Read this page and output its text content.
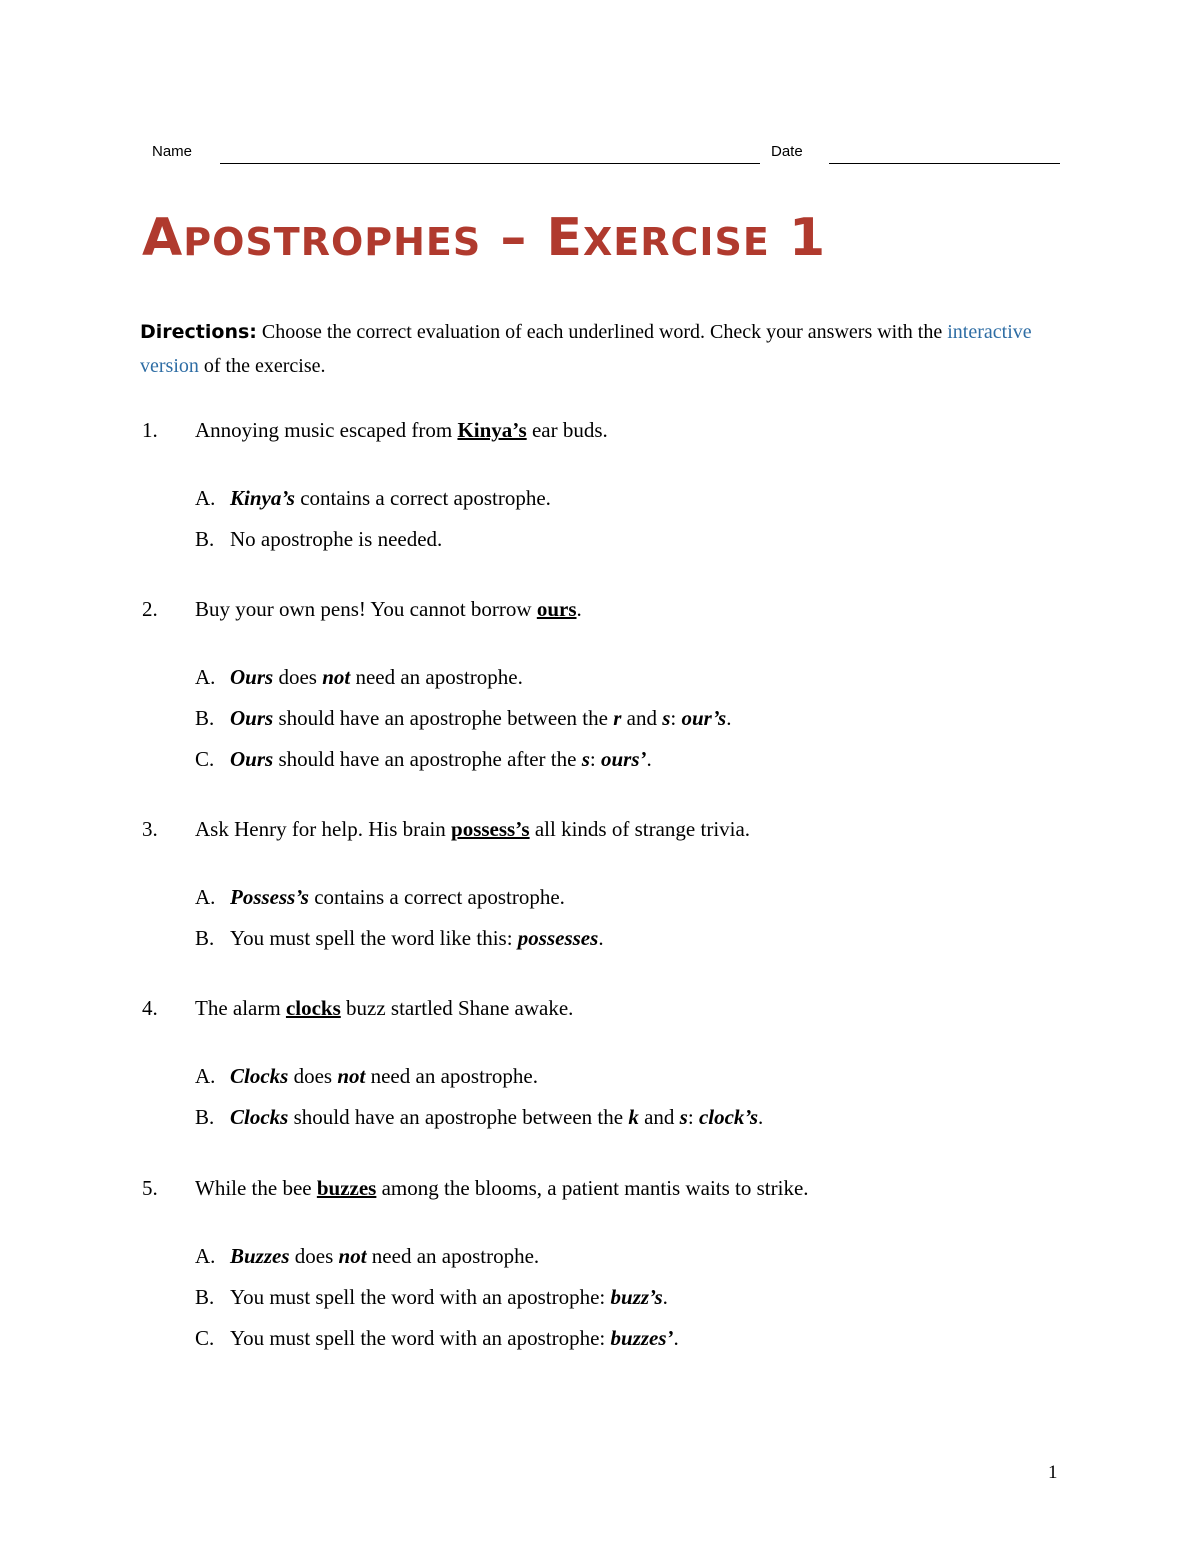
Name	Date
APOSTROPHES – EXERCISE 1

Directions: Choose the correct evaluation of each underlined word. Check your answers with the interactive version of the exercise.

1. Annoying music escaped from Kinya’s ear buds.
A. Kinya’s contains a correct apostrophe.
B. No apostrophe is needed.
2. Buy your own pens! You cannot borrow ours.
A. Ours does not need an apostrophe.
B. Ours should have an apostrophe between the r and s: our’s.
C. Ours should have an apostrophe after the s: ours’.
3. Ask Henry for help. His brain possess’s all kinds of strange trivia.
A. Possess’s contains a correct apostrophe.
B. You must spell the word like this: possesses.
4. The alarm clocks buzz startled Shane awake.
A. Clocks does not need an apostrophe.
B. Clocks should have an apostrophe between the k and s: clock’s.
5. While the bee buzzes among the blooms, a patient mantis waits to strike.
A. Buzzes does not need an apostrophe.
B. You must spell the word with an apostrophe: buzz’s.
C. You must spell the word with an apostrophe: buzzes’.
1
